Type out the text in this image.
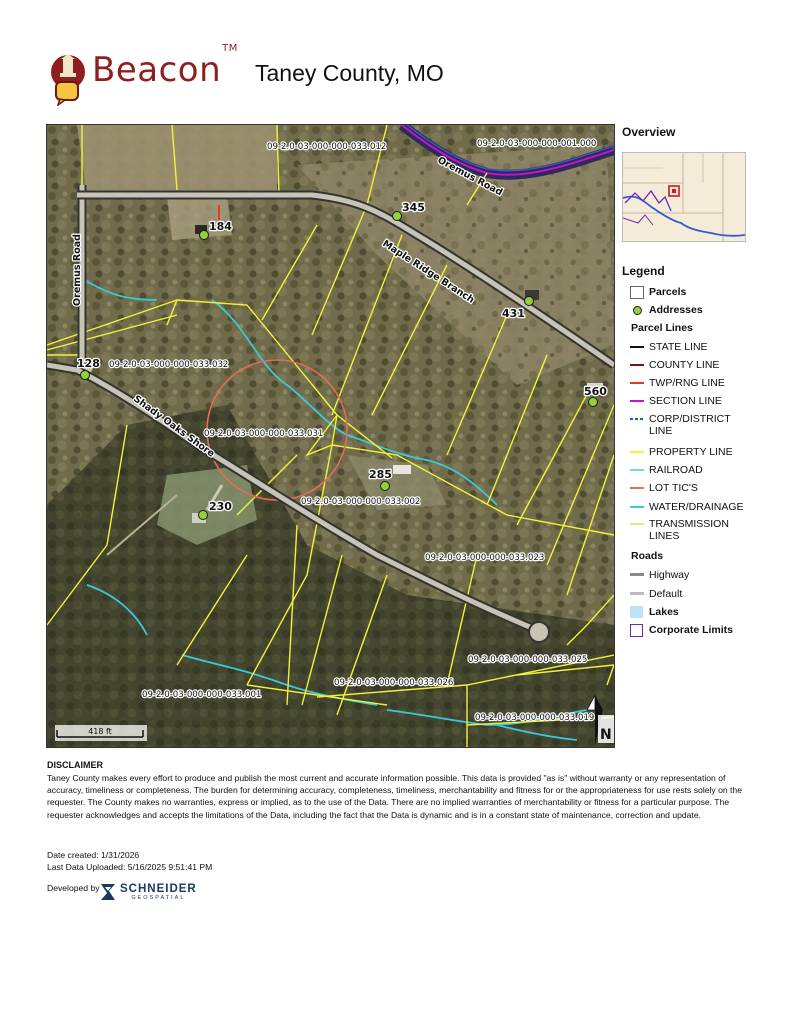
Beacon™
Taney County, MO
Oremus Road
Oremus Road
Maple Ridge Branch
Shady Oaks Shore
09-2.0-03-000-000-033.012	09-2.0-03-000-000-001.000
09-2.0-03-000-000-033.032
09-2.0-03-000-000-033.031
09-2.0-03-000-000-033.002
09-2.0-03-000-000-033.023
09-2.0-03-000-000-033.025
09-2.0-03-000-000-033.026
09-2.0-03-000-000-033.001
09-2.0-03-000-000-033.019
184
345
431
128
560
285
230
N
418 ft
Overview
Legend
Parcels
Addresses
Parcel Lines
STATE LINE
COUNTY LINE
TWP/RNG LINE
SECTION LINE
CORP/DISTRICT LINE
PROPERTY LINE
RAILROAD
LOT TIC'S
WATER/DRAINAGE
TRANSMISSION LINES
Roads
Highway
Default
Lakes
Corporate Limits
DISCLAIMER
Taney County makes every effort to produce and publish the most current and accurate information possible. This data is provided "as is" without warranty or any representation of accuracy, timeliness or completeness. The burden for determining accuracy, completeness, timeliness, merchantability and fitness for or the appropriateness for use rests solely on the requester. The County makes no warranties, express or implied, as to the use of the Data. There are no implied warranties of merchantability or fitness for a particular purpose. The requester acknowledges and accepts the limitations of the Data, including the fact that the Data is dynamic and is in a constant state of maintenance, correction and update.
Date created: 1/31/2026
Last Data Uploaded: 5/16/2025 9:51:41 PM
Developed by SCHNEIDER
GEOSPATIAL
